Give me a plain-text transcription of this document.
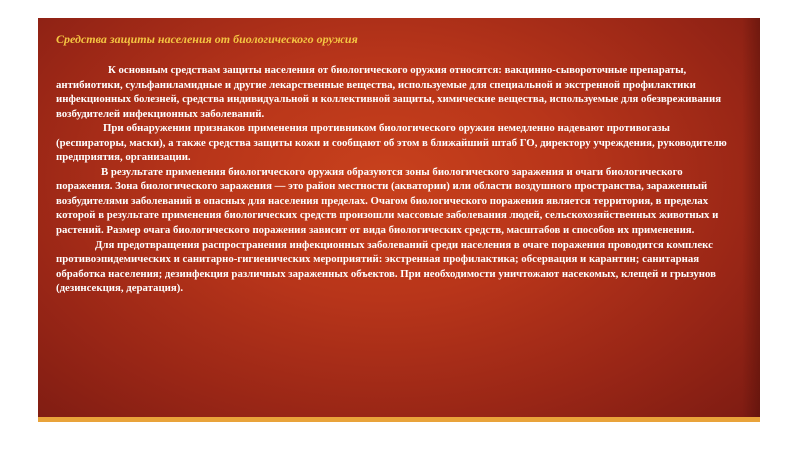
Средства защиты населения от биологического оружия

К основным средствам защиты населения от биологического оружия относятся: вакцинно-сывороточные препараты, антибиотики, сульфаниламидные и другие лекарственные вещества, используемые для специальной и экстренной профилактики инфекционных болезней, средства индивидуальной и коллективной защиты, химические вещества, используемые для обезвреживания возбудителей инфекционных заболеваний.

При обнаружении признаков применения противником биологического оружия немедленно надевают противогазы (респираторы, маски), а также средства защиты кожи и сообщают об этом в ближайший штаб ГО, директору учреждения, руководителю предприятия, организации.

В результате применения биологического оружия образуются зоны биологического заражения и очаги биологического поражения. Зона биологического заражения — это район местности (акватории) или области воздушного пространства, зараженный возбудителями заболеваний в опасных для населения пределах. Очагом биологического поражения является территория, в пределах которой в результате применения биологических средств произошли массовые заболевания людей, сельскохозяйственных животных и растений. Размер очага биологического поражения зависит от вида биологических средств, масштабов и способов их применения.

Для предотвращения распространения инфекционных заболеваний среди населения в очаге поражения проводится комплекс противоэпидемических и санитарно-гигиенических мероприятий: экстренная профилактика; обсервация и карантин; санитарная обработка населения; дезинфекция различных зараженных объектов. При необходимости уничтожают насекомых, клещей и грызунов (дезинсекция, дератация).
